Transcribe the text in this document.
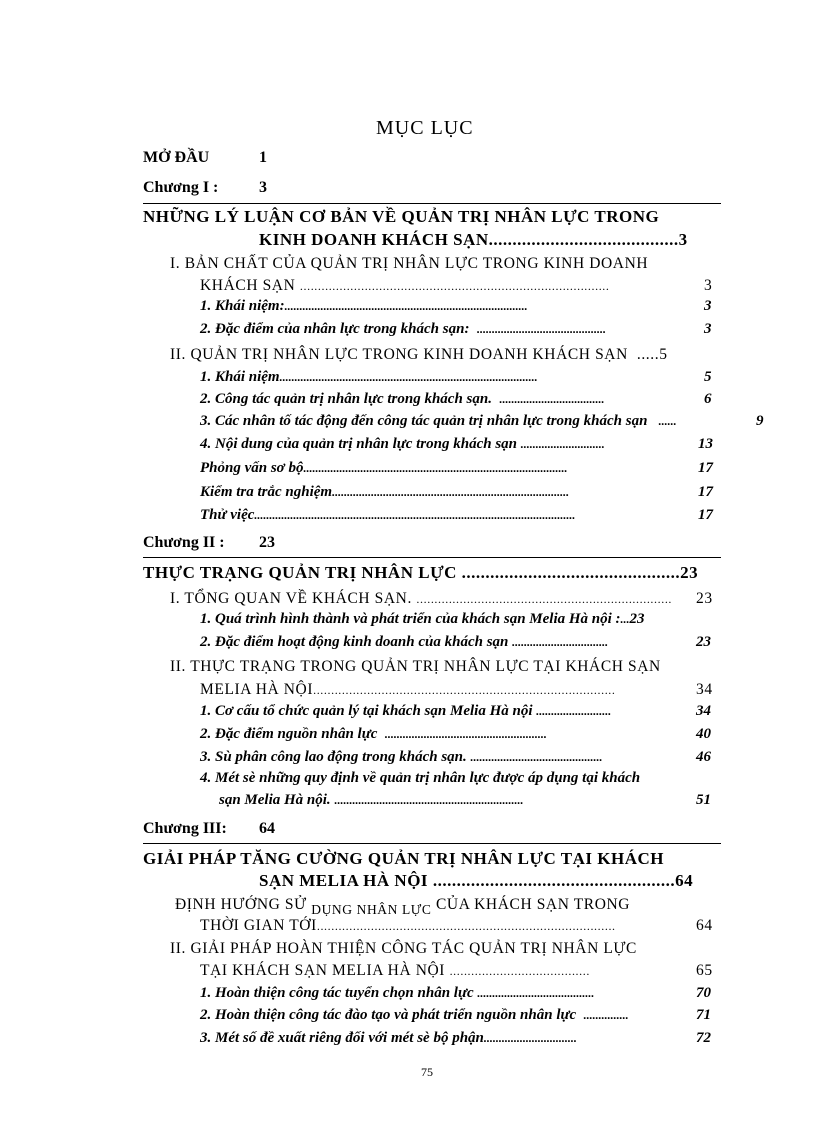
MỤC LỤC
MỞ ĐẦU	1
Chương I :	3
NHỮNG LÝ LUẬN CƠ BẢN VỀ QUẢN TRỊ NHÂN LỰC TRONG
KINH DOANH KHÁCH SẠN........................................3
I. BẢN CHẤT CỦA QUẢN TRỊ NHÂN LỰC TRONG KINH DOANH
KHÁCH SẠN ......................................................................................	3
1. Khái niệm:.................................................................................	3
2. Đặc điểm của nhân lực trong khách sạn: ...........................................	3
II. QUẢN TRỊ NHÂN LỰC TRONG KINH DOANH KHÁCH SẠN .....5
1. Khái niệm......................................................................................	5
2. Công tác quản trị nhân lực trong khách sạn. ...................................	6
3. Các nhân tố tác động đến công tác quản trị nhân lực trong khách sạn ......	9
4. Nội dung của quản trị nhân lực trong khách sạn ............................	13
Phỏng vấn sơ bộ........................................................................................	17
Kiểm tra trắc nghiệm...............................................................................	17
Thử việc...........................................................................................................	17
Chương II : 23
THỰC TRẠNG QUẢN TRỊ NHÂN LỰC ..............................................23
I. TỔNG QUAN VỀ KHÁCH SẠN. ....................................................................... 23
1. Quá trình hình thành và phát triển của khách sạn Melia Hà nội :...23
2. Đặc điểm hoạt động kinh doanh của khách sạn ................................	23
II. THỰC TRẠNG TRONG QUẢN TRỊ NHÂN LỰC TẠI KHÁCH SẠN
MELIA HÀ NỘI....................................................................................	34
1. Cơ cấu tổ chức quản lý tại khách sạn Melia Hà nội .........................	34
2. Đặc điểm nguồn nhân lực ......................................................	40
3. Sù phân công lao động trong khách sạn. ............................................	46
4. Mét sè những quy định về quản trị nhân lực được áp dụng tại khách
sạn Melia Hà nội. ...............................................................	51
Chương III: 64
GIẢI PHÁP TĂNG CƯỜNG QUẢN TRỊ NHÂN LỰC TẠI KHÁCH
SẠN MELIA HÀ NỘI ...................................................64
ĐỊNH HƯỚNG SỬ DỤNG NHÂN LỰC CỦA KHÁCH SẠN TRONG
THỜI GIAN TỚI...................................................................................	64
II. GIẢI PHÁP HOÀN THIỆN CÔNG TÁC QUẢN TRỊ NHÂN LỰC
TẠI KHÁCH SẠN MELIA HÀ NỘI .......................................	65
1. Hoàn thiện công tác tuyển chọn nhân lực .......................................	70
2. Hoàn thiện công tác đào tạo và phát triển nguồn nhân lực ...............	71
3. Mét số đề xuất riêng đối với mét sè bộ phận...............................	72
75
